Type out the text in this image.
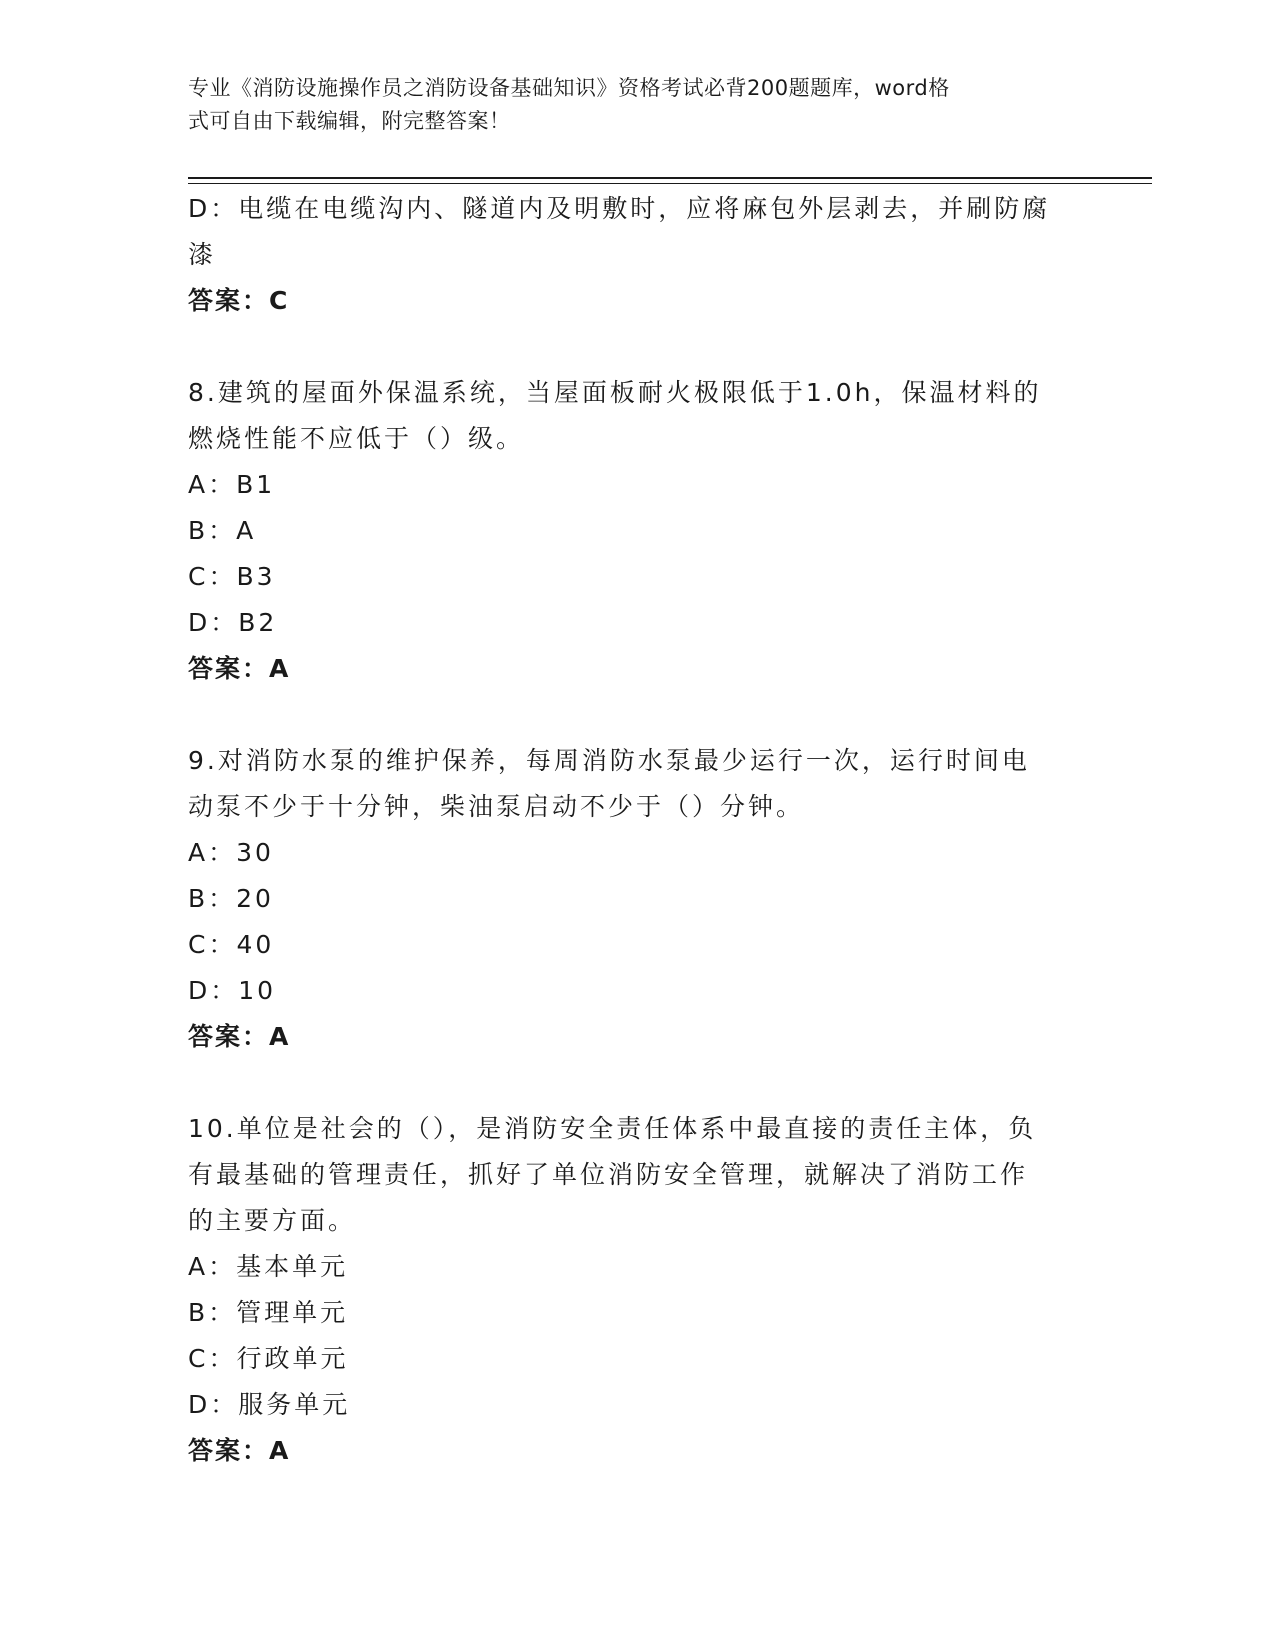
专业《消防设施操作员之消防设备基础知识》资格考试必背200题题库，word格
式可自由下载编辑，附完整答案！
D：电缆在电缆沟内、隧道内及明敷时，应将麻包外层剥去，并刷防腐
漆
答案：C
8.建筑的屋面外保温系统，当屋面板耐火极限低于1.0h，保温材料的
燃烧性能不应低于（）级。
A：B1
B：A
C：B3
D：B2
答案：A
9.对消防水泵的维护保养，每周消防水泵最少运行一次，运行时间电
动泵不少于十分钟，柴油泵启动不少于（）分钟。
A：30
B：20
C：40
D：10
答案：A
10.单位是社会的（），是消防安全责任体系中最直接的责任主体，负
有最基础的管理责任，抓好了单位消防安全管理，就解决了消防工作
的主要方面。
A：基本单元
B：管理单元
C：行政单元
D：服务单元
答案：A
